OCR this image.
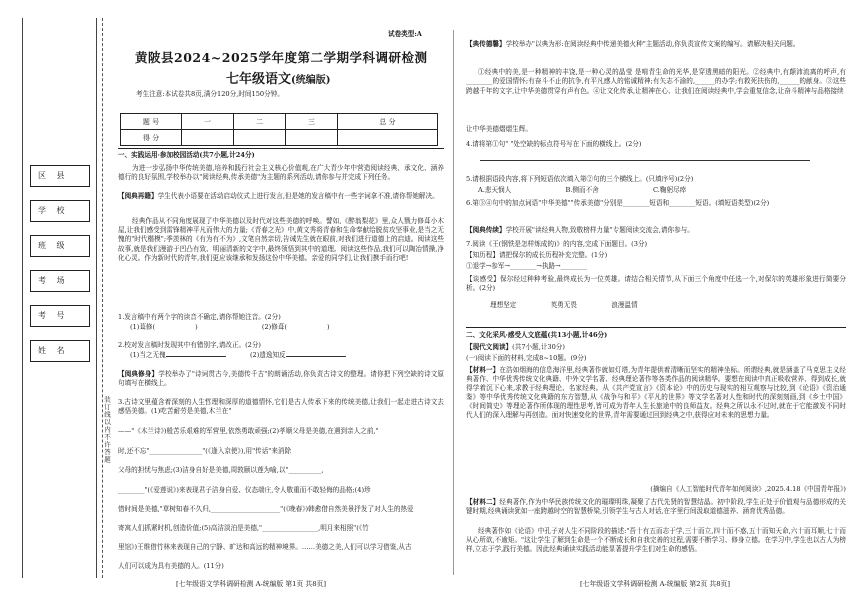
装订线以内不许答题
区 县
学 校
班 级
考 场
考 号
姓 名
试卷类型:A
黄陂县2024~2025学年度第二学期学科调研检测
七年级语文(统编版)
考生注意:本试卷共8页,满分120分,时间150分钟。
题 号	一	二	三	总 分
得 分				
一、实践运用·参加校园活动(共7小题,计24分)
为进一步弘扬中华传统美德,培养和践行社会主义核心价值观,在广大青少年中营造阅读经典、承文化、涵养德行的良好氛围,学校举办以"阅读经典,传承美德"为主题的系列活动,请你参与并完成下列任务。
【阅典再籍】学生代表小语要在活动启动仪式上进行发言,但是她的发言稿中有一些字词拿不准,请你帮她解决。
经典作品从不同角度展现了中华美德以及时代对这些美德的呼唤。譬如,《醉翁梨花》里,众人戮力修葺小木屋,让我们感受到雷锋精神平凡而伟大的力量;《青春之光》中,黄文秀将青春和生命奉献给脱贫攻坚事业,是当之无愧的"时代楷模";季羡林的《有为有不为》,文笔自然亲切,告诫先生就在眼前,对我们进行道德上的启迪。阅读这些故事,就是我们漫游于凹凸有致、明丽清新的文字中,最终领悟到其中的道理。阅读这些作品,我们可以陶冶情操,净化心灵。作为新时代的青年,我们更应该继承和发扬这份中华美德。亲爱的同学们,让我们携手而行吧!
1.发言稿中有两个字的读音不确定,请你帮她注音。(2分)
(1)葺修(	)	(2)修葺(	)
2.校对发言稿时发现其中有错别字,请改正。(2分)
(1)当之无傀	(2)遗逸知反
【阅典修身】学校举办了"诗词贯古今,美德传千古"的朗诵活动,你负责古诗文的整理。请你把下列空缺的诗文原句填写在横线上。
3.古诗文里蕴含着深刻的人生哲理和深厚的道德情怀,它们是古人传承下来的传统美德,让我们一起走进古诗文去感悟美德。(1)吃苦耐劳是美德,木兰在"
——"《木兰诗》)般苦乐艰难的军营里,依然勇敢顽强;(2)孝顺父母是美德,在遇到亲人之前,"
时,还不忘"________________"(《逢入京使》),用"传话"来消除
父母的担忧与焦虑;(3)洁身自好是美德,周敦颐以莲为喻,以"__________,
________"(《爱莲说》)来表现君子洁身自爱、仪态端庄,令人敬重而不敢轻侮的品格;(4)珍
惜时间是美德,"草树知春不久归,_____________________"(《晚春》)韩愈借自然美景抒发了对人生的热爱
寄寓人们抓紧时机,创造价值;(5)高洁淡泊是美德,"_________________,明月来相照"(《竹
里馆》)王维借竹林来表现自己的宁静、旷达和高远的精神境界。……美德之美,人们可以学习借鉴,从古
人们可以成为具有美德的人。(11分)
[七年级语文学科调研检测 A-统编版 第1页 共8页]
【典传德馨】学校举办"以典为形:在阅读经典中传递美德火种"主题活动,你负责宣传文案的编写。请解决相关问题。
①经典中的美,是一种精神的丰饶,是一种心灵的晶莹 是啃青生命的光华,是穿透黑暗的阳光。②经典中,有颠沛流离的呼声,有________的爱国情怀;有奋斗不止的抗争,有平凡感人的铭诚精神;有矢志不渝的,______的办学;有救死扶伤的,______的献身。③这些跨越千年的文字,让中华美德贯穿有声有色。④让文化传承,让精神在心、让我们在阅读经典中,学会重复信念,让奋斗精神与品格接续
让中华美德熠熠生辉。
4.请将第①句" "处空缺的标点符号写在下面的横线上。(2分)
5.请根据语段内容,将下列短语依次填入第②句的三个横线上。(只填序号)(2分)
A.悲天悯人	B.侧而不舍	C.鞠躬尽瘁
6.第③④句中的加点词语"中华美德""传承美德"分别是________短语和________短语。(填短语类型)(2分)
【阅典传续】学校开展"读经典人物,致敬榜样力量"专题阅读交流会,请你参与。
7.阅读《王(钢铁是怎样炼成的)》的内容,完成下面题目。(3分)
【知历程】请把保尔的成长历程补充完整。(1分)
①退学→参军→________→执路→________
【谈感受】保尔经过种种考验,最终成长为一位英雄。请结合相关情节,从下面三个角度中任选一个,对保尔的英雄形象进行简要分析。(2分)
理想坚定	英勇无畏	浪漫温情
二、文化采风·感受人文底蕴(共13小题,计46分)
【现代文阅读】(共7小题,计30分)
(一)阅读下面的材料,完成8~10题。(9分)
【材料一】在浩如烟海的信息海洋里,经典著作就如灯塔,为青年提供着清晰而坚实的精神坐标。所谓经典,就是涵盖了马克思主义经典著作、中华优秀传统文化典籍、中外文学名著、经典理论著作等各类作品的阅读精华。要想在阅读中真正吸收营养、得到成长,就得学着沉下心来,求教于经典理论、名家经典。从《共产党宣言》《资本论》中的历史与现实的相互观察与比较,到《论语》《资治通鉴》等中华优秀传统文化典籍的东方智慧,从《战争与和平》《平凡的世界》等文学名著对人性和时代的深刻刻画,到《乡土中国》《时间简史》等理论著作所体现的理性思考,皆可成为青年人生长旅途中的良师益友。经典之所以永不过时,就在于它能激发不同时代人们的深入理解与再创造。面对快速变化的世界,青年需要通过回到经典之中,获得应对未来的思想力量。
(摘编自《人工智能时代青年如何阅读》,2025.4.18《中国青年报》)
【材料二】经典著作,作为中华民族传统文化的璀璨明珠,凝聚了古代先贤的智慧结晶。初中阶段,学生正处于价值观与品德形成的关键时期,经典诵读犹如一座跨越时空的智慧桥梁,引领学生与古人对话,在字里行间汲取道德滋养、涵育优秀品德。
经典著作如《论语》中孔子对人生不同阶段的描述:"吾十有五而志于学,三十而立,四十而不惑,五十而知天命,六十而耳顺,七十而从心所欲,不逾矩。"这让学生了解到生命是一个不断成长和自我完善的过程,需要不断学习、修身立德。在学习中,学生也以古人为榜样,立志于学,践行美德。因此经典诵读实践活动能显著提升学生们对生命的感悟。
[七年级语文学科调研检测 A-统编版 第2页 共8页]
